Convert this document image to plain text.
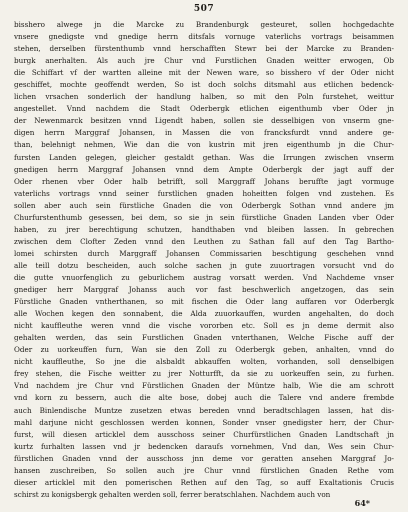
507
bisshero alwege jn die Marcke zu Brandenburgk gesteuret, sollen hochgedachte
vnsere gnedigste vnd gnedige herrn ditsfals vornuge vaterlichs vortrags beisammen
stehen, derselben fürstenthumb vnnd herschafften Stewr bei der Marcke zu Branden-
burgk anerhalten. Als auch jre Chur vnd Furstlichen Gnaden weitter erwogen, Ob
die Schiffart vf der wartten alleine mit der Newen ware, so bisshero vf der Oder nicht
geschiffet, mochte geoffendt werden, So ist doch solchs ditsmahl aus etlichen bedenck-
lichen vrsachen sonderlich der handlung halben, so mit den Poln furstehet, weittur
angestellet. Vnnd nachdem die Stadt Oderbergk etlichen eigenthumb vber Oder jn
der Newenmarck besitzen vnnd Ligendt haben, sollen sie desselbigen von vnserm gne-
digen herrn Marggraf Johansen, in Massen die von francksfurdt vnnd andere ge-
than, belehnigt nehmen, Wie dan die von kustrin mit jren eigenthumb jn die Chur-
fursten Landen gelegen, gleicher gestaldt gethan. Was die Irrungen zwischen vnserm
gnedigen herrn Marggraf Johansen vnnd dem Ampte Oderbergk der jagt auff der
Oder rhenen vber Oder halb betrifft, soll Marggraff Johans beruffte jagt vormuge
vaterlichs vortrags vnnd seiner furstlichen gnaden hoheitten folgen vnd zustehen. Es
sollen aber auch sein fürstliche Gnaden die von Oderbergk Sothan vnnd andere jm
Churfurstenthumb gesessen, bei dem, so sie jn sein fürstliche Gnaden Landen vber Oder
haben, zu jrer berechtigung schutzen, handthaben vnd bleiben lassen. In gebrechen
zwischen dem Clofter Zeden vnnd den Leuthen zu Sathan fall auf den Tag Bartho-
lomei schirsten durch Marggraff Johansen Commissarien beschtigung geschehen vnnd
alle teill dotzu bescheiden, auch solche sachen jn gute zuuortragen vorsucht vnd do
die gutte vnuorfenglich zu geburlichem austrag vorsatt werden. Vnd Nachdeme vnser
gnediger herr Marggraf Johanss auch vor fast beschwerlich angetzogen, das sein
Fürstliche Gnaden vntherthanen, so mit fischen die Oder lang auffaren vor Oderbergk
alle Wochen kegen den sonnabent, die Alda zuuorkauffen, wurden angehalten, do doch
nicht kauffleuthe weren vnnd die vische vororben etc. Soll es jn deme dermit also
gehalten werden, das sein Furstlichen Gnaden vnterthanen, Welche Fische auff der
Oder zu uorkeuffen furn, Wan sie den Zoll zu Oderbergk geben, anhalten, vnnd do
nicht kauffleuthe, So jne die alsbaldt abkauffen wolten, vorhanden, soll denselbigen
frey stehen, die Fische weitter zu jrer Notturfft, da sie zu uorkeuffen sein, zu furhen.
Vnd nachdem jre Chur vnd Fürstlichen Gnaden der Müntze halb, Wie die am schrott
vnd korn zu bessern, auch die alte bose, dobej auch die Talere vnd andere frembde
auch Binlendische Muntze zusetzen etwas bereden vnnd beradtschlagen lassen, hat dis-
mahl darjune nicht geschlossen werden konnen, Sonder vnser gnedigster herr, der Chur-
furst, will diesen articklel dem ausschoss seiner Churfürstlichen Gnaden Landtschaft jn
kurtz furhalten lassen vnd jr bedencken daraufs vornehmen, Vnd dan, Wes sein Chur-
fürstlichen Gnaden vnnd der ausschoss jnn deme vor geratten ansehen Marggraf Jo-
hansen zuschreiben, So sollen auch jre Chur vnnd fürstlichen Gnaden Rethe vom
dieser articklel mit den pomerischen Rethen auf den Tag, so auff Exaltationis Crucis
schirst zu konigsbergk gehalten werden soll, ferrer beratschlahen. Nachdem auch von
64*
